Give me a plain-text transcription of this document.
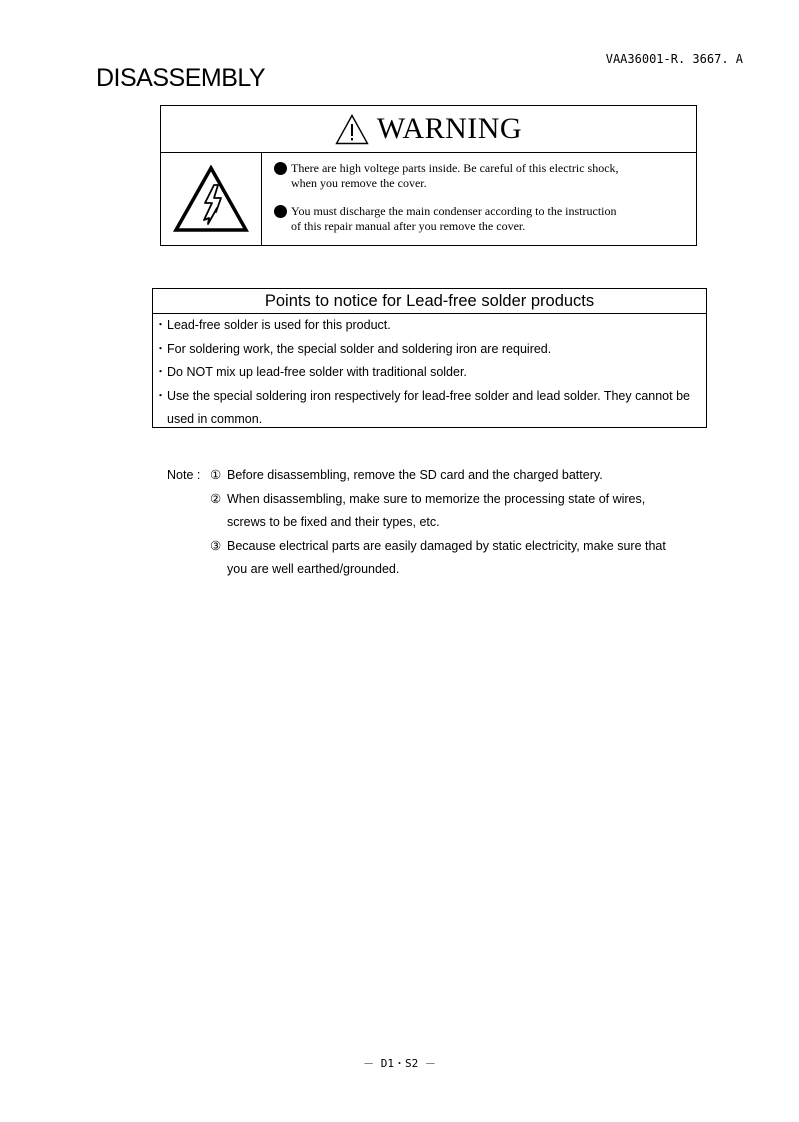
VAA36001-R. 3667. A
DISASSEMBLY
WARNING
There are high voltege parts inside. Be careful of this electric shock,
when you remove the cover.
You must discharge the main condenser according to the instruction
of this repair manual after you remove the cover.
Points to notice for Lead-free solder products
・ Lead-free solder is used for this product.
・ For soldering work, the special solder and soldering iron are required.
・ Do NOT mix up lead-free solder with traditional solder.
・ Use the special soldering iron respectively for lead-free solder and lead solder. They cannot be used in common.
Note : ① Before disassembling, remove the SD card and the charged battery.
② When disassembling, make sure to memorize the processing state of wires,
screws to be fixed and their types, etc.
③ Because electrical parts are easily damaged by static electricity, make sure that
you are well earthed/grounded.
－ D1・S2 －
